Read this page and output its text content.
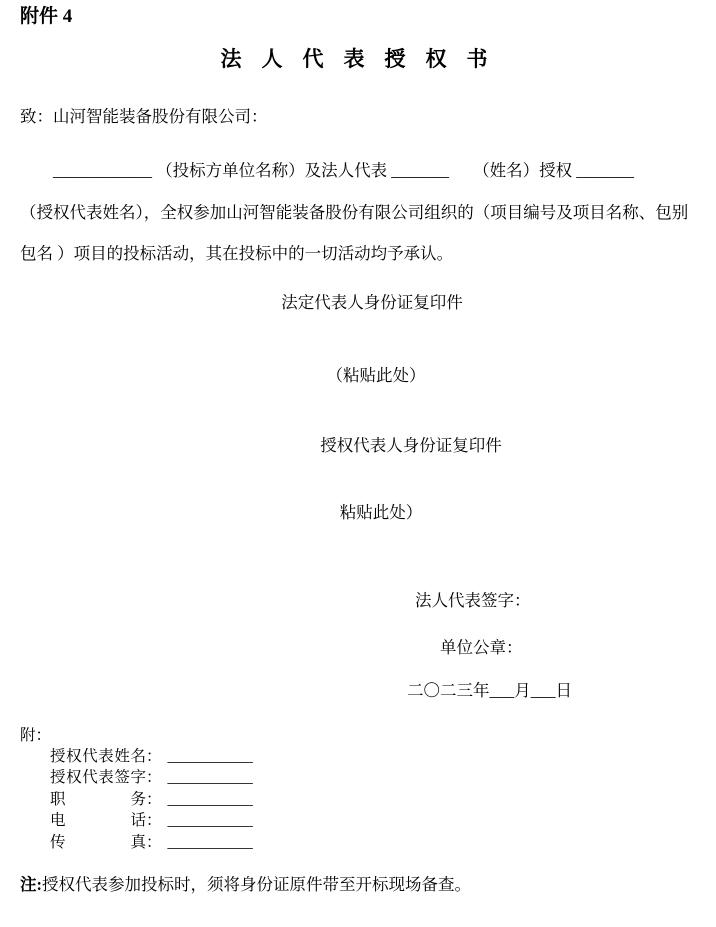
附件 4
法人代表授权书
致：山河智能装备股份有限公司：
____________ （投标方单位名称）及法人代表 _______ （姓名）授权 _______
（授权代表姓名），全权参加山河智能装备股份有限公司组织的（项目编号及项目名称、包别
包名 ）项目的投标活动，其在投标中的一切活动均予承认。
法定代表人身份证复印件
（粘贴此处）
授权代表人身份证复印件
粘贴此处）
法人代表签字：
单位公章：
二〇二三年___月___日
附：
授权代表姓名： ___________
授权代表签字： ___________
职务： ___________
电话： ___________
传真： ___________
注:授权代表参加投标时，须将身份证原件带至开标现场备查。
